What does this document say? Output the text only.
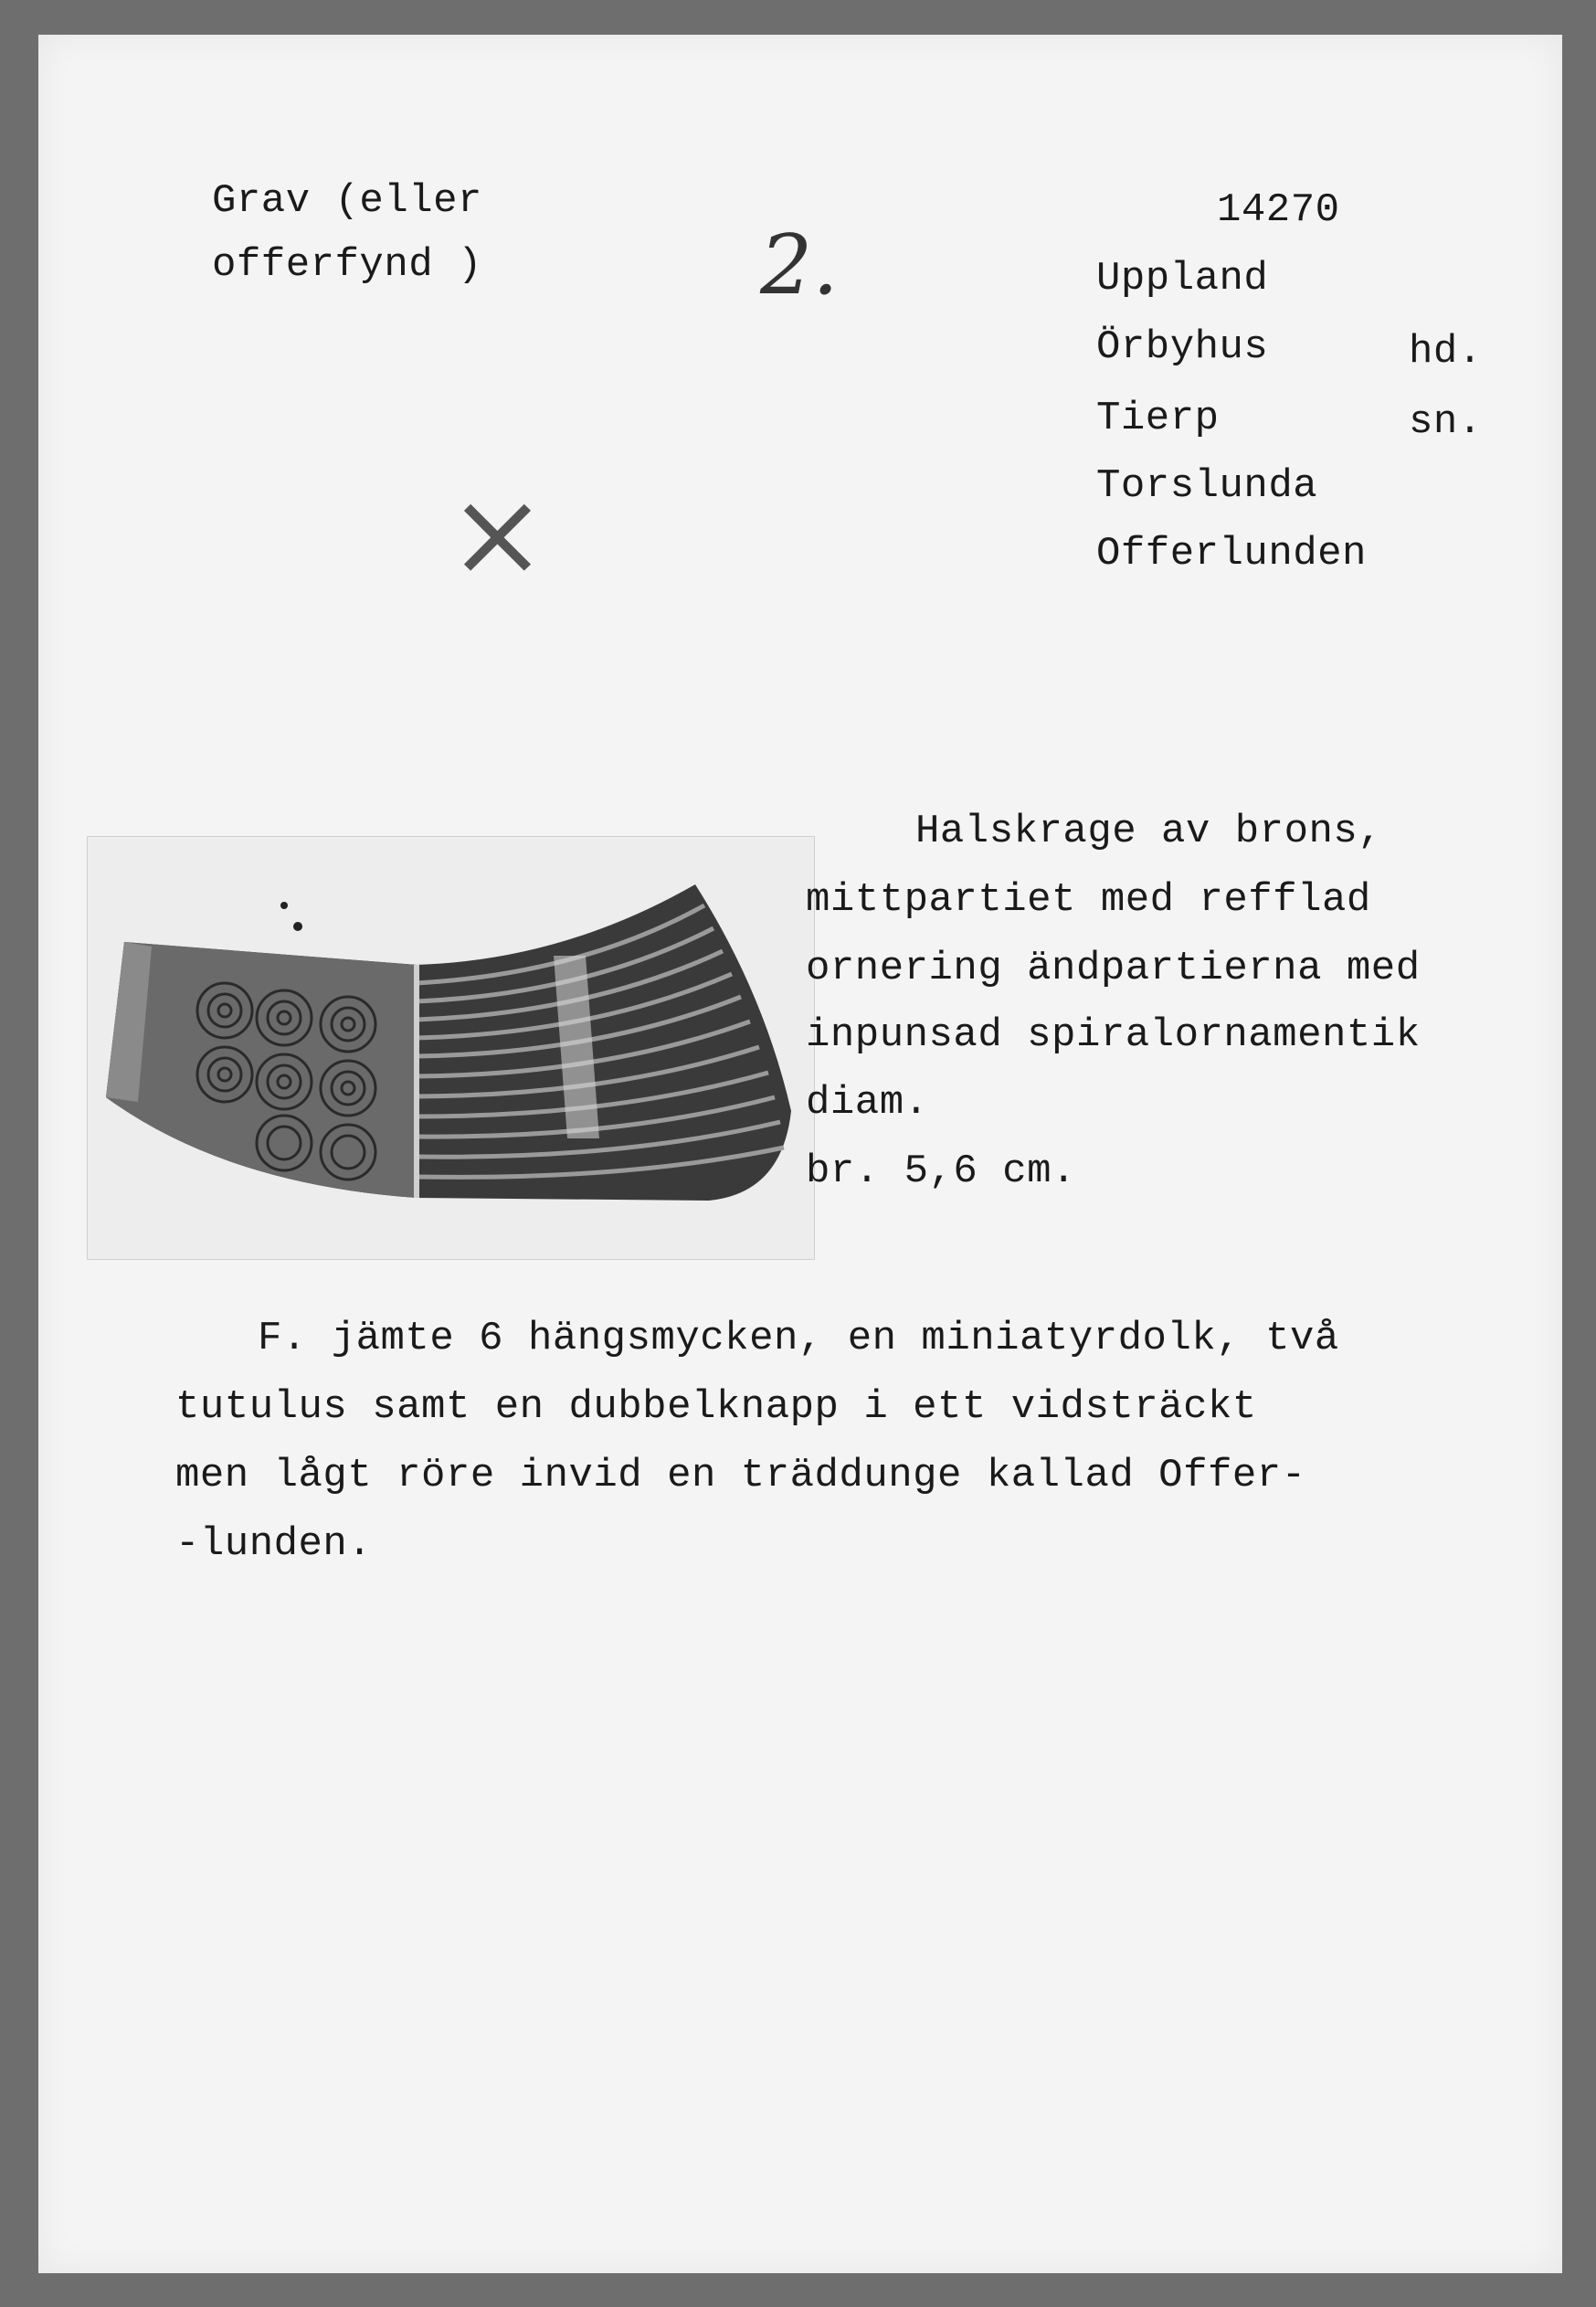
Grav (eller
offerfynd )	2.
×
14270
Uppland
Örbyhus	hd.
Tierp	sn.
Torslunda
Offerlunden
Halskrage av brons,
mittpartiet med refflad
ornering ändpartierna med
inpunsad spiralornamentik
diam.
br. 5,6 cm.
F. jämte 6 hängsmycken, en miniatyrdolk, två
tutulus samt en dubbelknapp i ett vidsträckt
men lågt röre invid en träddunge kallad Offer-
-lunden.
